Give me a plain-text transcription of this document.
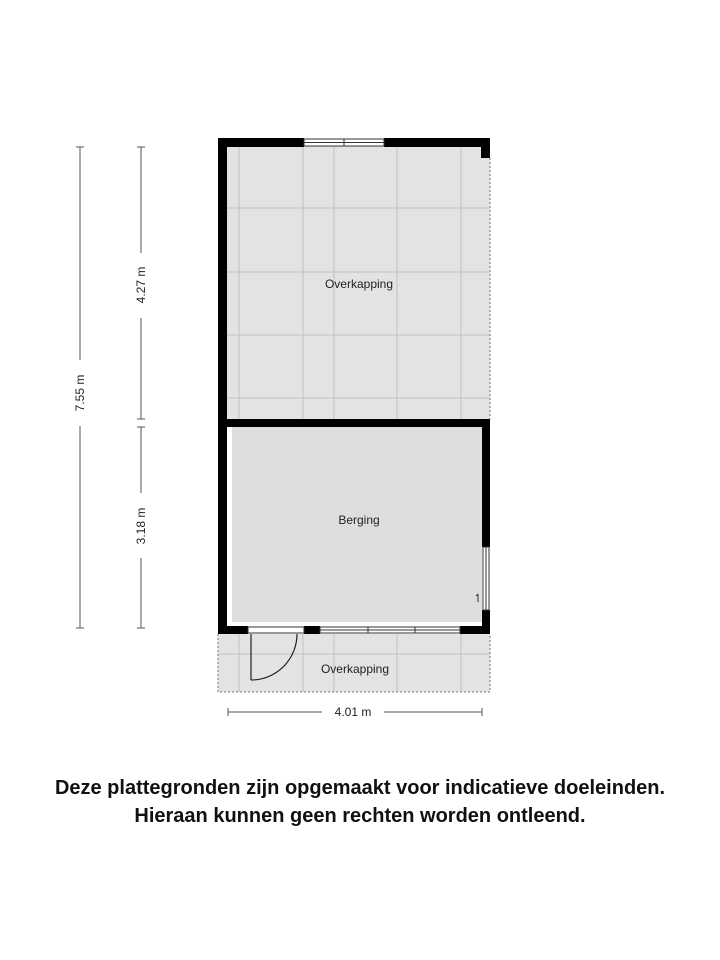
Overkapping
Berging
Overkapping
7.55 m
4.27 m
3.18 m
4.01 m
Deze plattegronden zijn opgemaakt voor indicatieve doeleinden.
Hieraan kunnen geen rechten worden ontleend.
